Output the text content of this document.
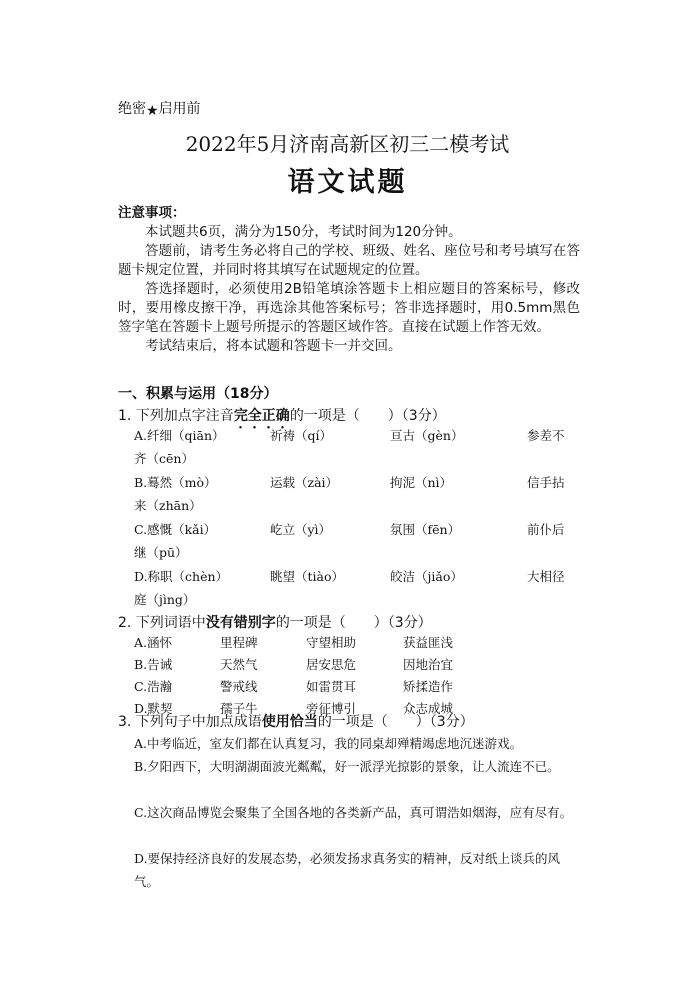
绝密★启用前
2022年5月济南高新区初三二模考试
语文试题

注意事项：

本试题共6页，满分为150分，考试时间为120分钟。

答题前，请考生务必将自己的学校、班级、姓名、座位号和考号填写在答题卡规定位置，并同时将其填写在试题规定的位置。

答选择题时，必须使用2B铅笔填涂答题卡上相应题目的答案标号，修改时，要用橡皮擦干净，再选涂其他答案标号；答非选择题时，用0.5mm黑色签字笔在答题卡上题号所提示的答题区域作答。直接在试题上作答无效。

考试结束后，将本试题和答题卡一并交回。

一、积累与运用（18分）
1. 下列加点字注音完全正确的一项是（　　）（3分）
A.纤细（qiān）	祈祷（qí）	亘古（gèn）	参差不
齐（cēn）
B.蓦然（mò）	运载（zài）	拘泥（nì）	信手拈
来（zhān）
C.感慨（kǎi）	屹立（yì）	氛围（fēn）	前仆后
继（pū）
D.称职（chèn）	眺望（tiào）	皎洁（jiǎo）	大相径
庭（jìng）
2. 下列词语中没有错别字的一项是（　　）（3分）
A.涵怀	里程碑	守望相助	获益匪浅
B.告诫	天然气	居安思危	因地治宜
C.浩瀚	警戒线	如雷贯耳	矫揉造作
D.默契	孺子牛	旁征博引	众志成城
3. 下列句子中加点成语使用恰当的一项是（　　）（3分）
A.中考临近，室友们都在认真复习，我的同桌却殚精竭虑地沉迷游戏。
B.夕阳西下，大明湖湖面波光粼粼，好一派浮光掠影的景象，让人流连不已。
C.这次商品博览会聚集了全国各地的各类新产品，真可谓浩如烟海，应有尽有。
D.要保持经济良好的发展态势，必须发扬求真务实的精神，反对纸上谈兵的风气。
